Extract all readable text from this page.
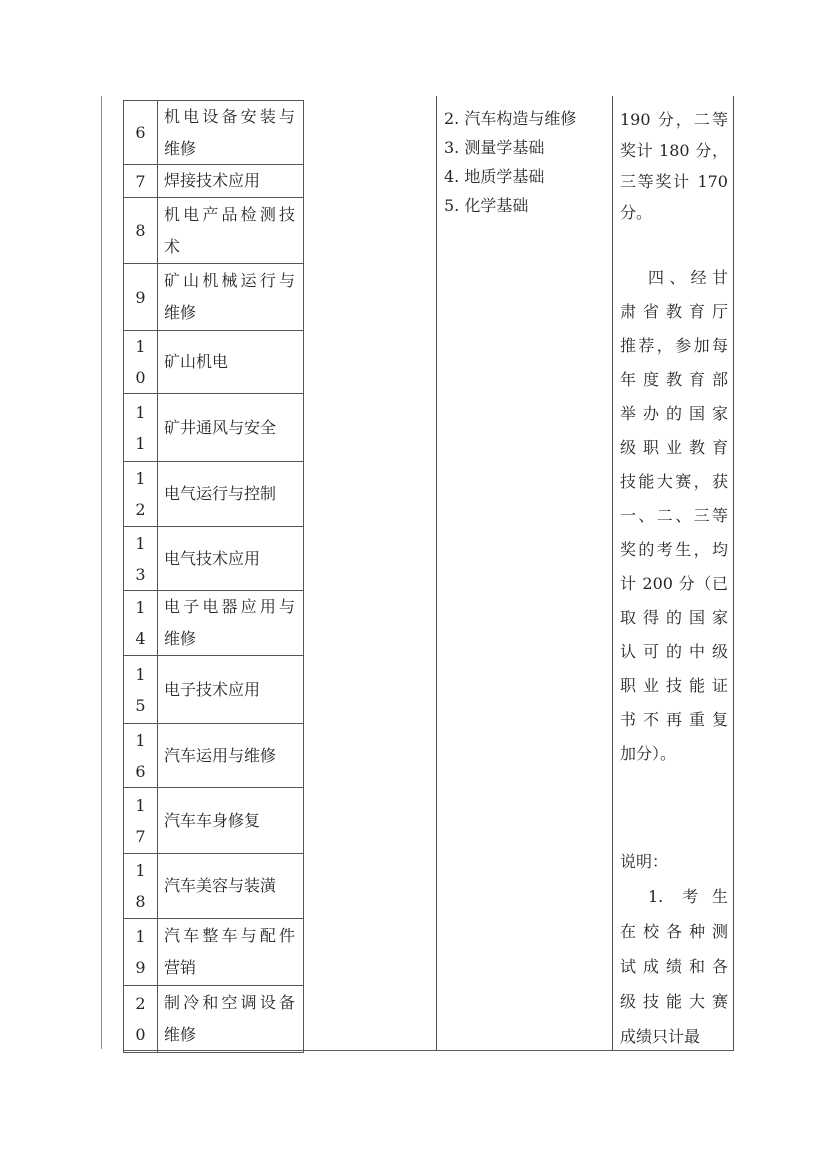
6
机电设备安装与
维修
7 焊接技术应用
8
机电产品检测技
术
9
矿山机械运行与
维修
1
0
矿山机电
1
1
矿井通风与安全
1
2
电气运行与控制
1
3
电气技术应用
1
4
电子电器应用与
维修
1
5
电子技术应用
1
6
汽车运用与维修
1
7
汽车车身修复
1
8
汽车美容与装潢
1
9
汽车整车与配件
营销
2
0
制冷和空调设备
维修
2. 汽车构造与维修
3. 测量学基础
4. 地质学基础
5. 化学基础
190 分，二等
奖计 180 分，
三等奖计 170
分。
四、经甘
肃省教育厅
推荐，参加每
年度教育部
举办的国家
级职业教育
技能大赛，获
一、二、三等
奖的考生，均
计 200 分（已
取得的国家
认可的中级
职业技能证
书不再重复
加分）。
说明：
1. 考生
在校各种测
试成绩和各
级技能大赛
成绩只计最
